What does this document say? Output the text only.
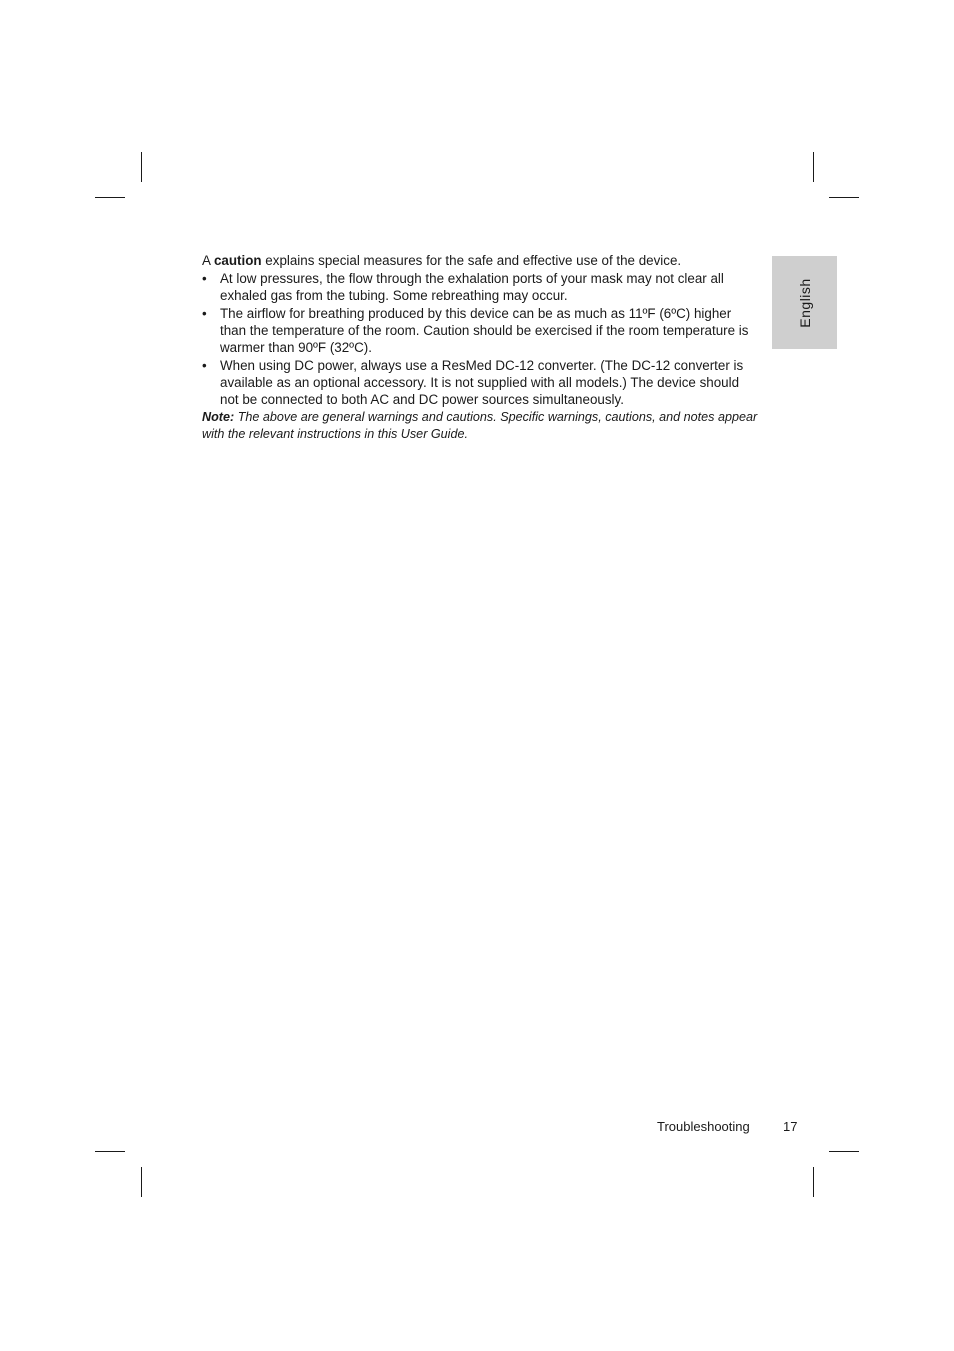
English

A caution explains special measures for the safe and effective use of the device.

• At low pressures, the flow through the exhalation ports of your mask may not clear all exhaled gas from the tubing. Some rebreathing may occur.
• The airflow for breathing produced by this device can be as much as 11ºF (6ºC) higher than the temperature of the room. Caution should be exercised if the room temperature is warmer than 90ºF (32ºC).
• When using DC power, always use a ResMed DC-12 converter. (The DC-12 converter is available as an optional accessory. It is not supplied with all models.) The device should not be connected to both AC and DC power sources simultaneously.

Note: The above are general warnings and cautions. Specific warnings, cautions, and notes appear with the relevant instructions in this User Guide.

Troubleshooting	17
